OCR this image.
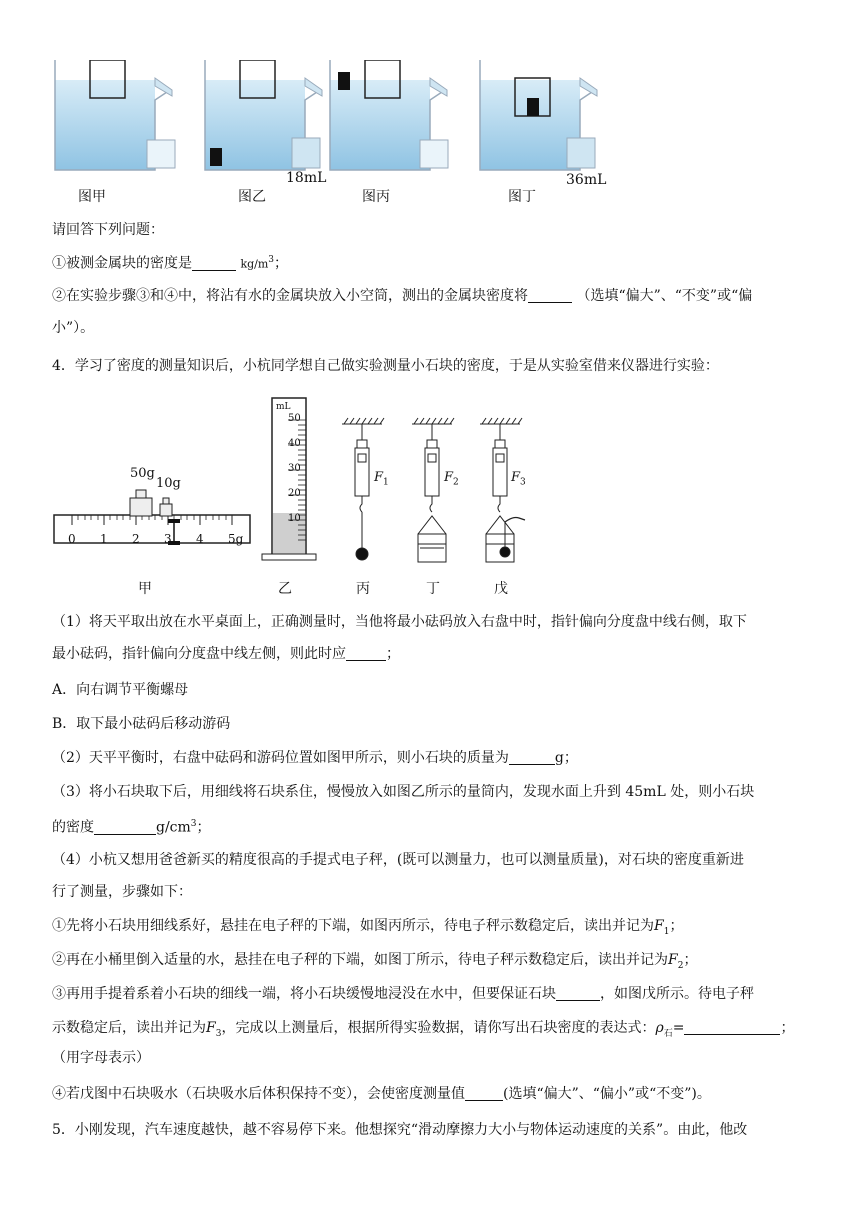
图甲	图乙	图丙	图丁
18mL	36mL
请回答下列问题：
①被测金属块的密度是	$kg/m^3$；
②在实验步骤③和④中，将沾有水的金属块放入小空筒，测出的金属块密度将	（选填“偏大”、“不变”或“偏
小”）。
4．学习了密度的测量知识后，小杭同学想自己做实验测量小石块的密度，于是从实验室借来仪器进行实验：
50g
10g
0 1 2 3 4 5g
mL
50
40
30
20
10
$F_1$	$F_2$	$F_3$
甲	乙	丙	丁	戊
（1）将天平取出放在水平桌面上，正确测量时，当他将最小砝码放入右盘中时，指针偏向分度盘中线右侧，取下
最小砝码，指针偏向分度盘中线左侧，则此时应	；
A．向右调节平衡螺母
B．取下最小砝码后移动游码
（2）天平平衡时，右盘中砝码和游码位置如图甲所示，则小石块的质量为	g；
（3）将小石块取下后，用细线将石块系住，慢慢放入如图乙所示的量筒内，发现水面上升到 45mL 处，则小石块
的密度	$g/cm^3$；
（4）小杭又想用爸爸新买的精度很高的手提式电子秤，(既可以测量力，也可以测量质量)，对石块的密度重新进
行了测量，步骤如下：
①先将小石块用细线系好，悬挂在电子秤的下端，如图丙所示，待电子秤示数稳定后，读出并记为$F_1$；
②再在小桶里倒入适量的水，悬挂在电子秤的下端，如图丁所示，待电子秤示数稳定后，读出并记为$F_2$；
③再用手提着系着小石块的细线一端，将小石块缓慢地浸没在水中，但要保证石块	，如图戊所示。待电子秤
示数稳定后，读出并记为$F_3$，完成以上测量后，根据所得实验数据，请你写出石块密度的表达式：$\rho_石=$	；
（用字母表示）
④若戊图中石块吸水（石块吸水后体积保持不变），会使密度测量值	(选填“偏大”、“偏小”或“不变”)。
5．小刚发现，汽车速度越快，越不容易停下来。他想探究“滑动摩擦力大小与物体运动速度的关系”。由此，他改
